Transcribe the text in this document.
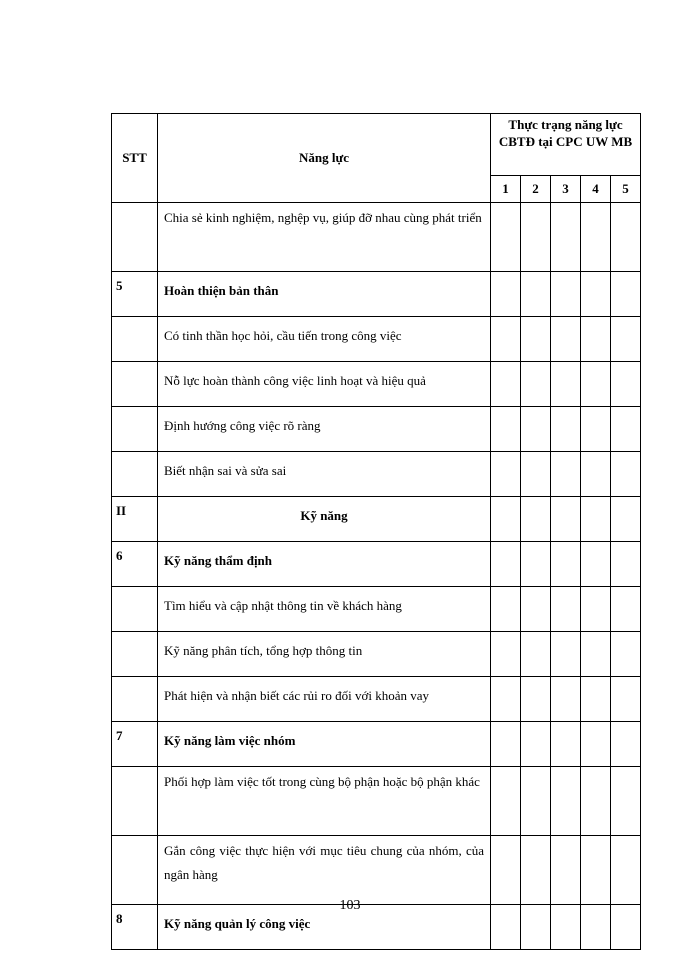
STT	Năng lực	Thực trạng năng lực CBTĐ tại CPC UW MB				
		1	2	3	4	5
	Chia sẻ kinh nghiệm, nghệp vụ, giúp đỡ nhau cùng phát triển					
5	Hoàn thiện bản thân					
	Có tinh thần học hỏi, cầu tiến trong công việc					
	Nỗ lực hoàn thành công việc linh hoạt và hiệu quả					
	Định hướng công việc rõ ràng					
	Biết nhận sai và sửa sai					
II	Kỹ năng					
6	Kỹ năng thẩm định					
	Tìm hiểu và cập nhật thông tin về khách hàng					
	Kỹ năng phân tích, tổng hợp thông tin					
	Phát hiện và nhận biết các rủi ro đối với khoản vay					
7	Kỹ năng làm việc nhóm					
	Phối hợp làm việc tốt trong cùng bộ phận hoặc bộ phận khác					
	Gắn công việc thực hiện với mục tiêu chung của nhóm, của ngân hàng					
8	Kỹ năng quản lý công việc					
103
